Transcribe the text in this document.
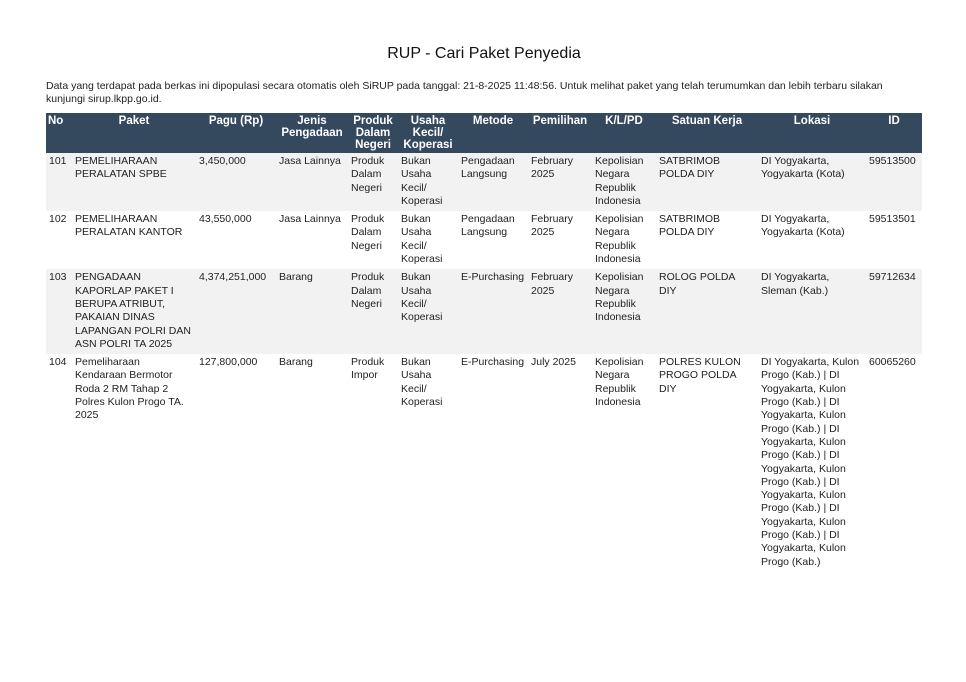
RUP - Cari Paket Penyedia
Data yang terdapat pada berkas ini dipopulasi secara otomatis oleh SiRUP pada tanggal: 21-8-2025 11:48:56. Untuk melihat paket yang telah terumumkan dan lebih terbaru silakan kunjungi sirup.lkpp.go.id.
No	Paket	Pagu (Rp)	Jenis Pengadaan	Produk Dalam Negeri	Usaha Kecil/ Koperasi	Metode	Pemilihan	K/L/PD	Satuan Kerja	Lokasi	ID
101	PEMELIHARAAN PERALATAN SPBE	3,450,000	Jasa Lainnya	Produk Dalam Negeri	Bukan Usaha Kecil/ Koperasi	Pengadaan Langsung	February 2025	Kepolisian Negara Republik Indonesia	SATBRIMOB POLDA DIY	DI Yogyakarta, Yogyakarta (Kota)	59513500
102	PEMELIHARAAN PERALATAN KANTOR	43,550,000	Jasa Lainnya	Produk Dalam Negeri	Bukan Usaha Kecil/ Koperasi	Pengadaan Langsung	February 2025	Kepolisian Negara Republik Indonesia	SATBRIMOB POLDA DIY	DI Yogyakarta, Yogyakarta (Kota)	59513501
103	PENGADAAN KAPORLAP PAKET I BERUPA ATRIBUT, PAKAIAN DINAS LAPANGAN POLRI DAN ASN POLRI TA 2025	4,374,251,000	Barang	Produk Dalam Negeri	Bukan Usaha Kecil/ Koperasi	E-Purchasing	February 2025	Kepolisian Negara Republik Indonesia	ROLOG POLDA DIY	DI Yogyakarta, Sleman (Kab.)	59712634
104	Pemeliharaan Kendaraan Bermotor Roda 2 RM Tahap 2 Polres Kulon Progo TA. 2025	127,800,000	Barang	Produk Impor	Bukan Usaha Kecil/ Koperasi	E-Purchasing	July 2025	Kepolisian Negara Republik Indonesia	POLRES KULON PROGO POLDA DIY	DI Yogyakarta, Kulon Progo (Kab.) | DI Yogyakarta, Kulon Progo (Kab.) | DI Yogyakarta, Kulon Progo (Kab.) | DI Yogyakarta, Kulon Progo (Kab.) | DI Yogyakarta, Kulon Progo (Kab.) | DI Yogyakarta, Kulon Progo (Kab.) | DI Yogyakarta, Kulon Progo (Kab.) | DI Yogyakarta, Kulon Progo (Kab.)	60065260
